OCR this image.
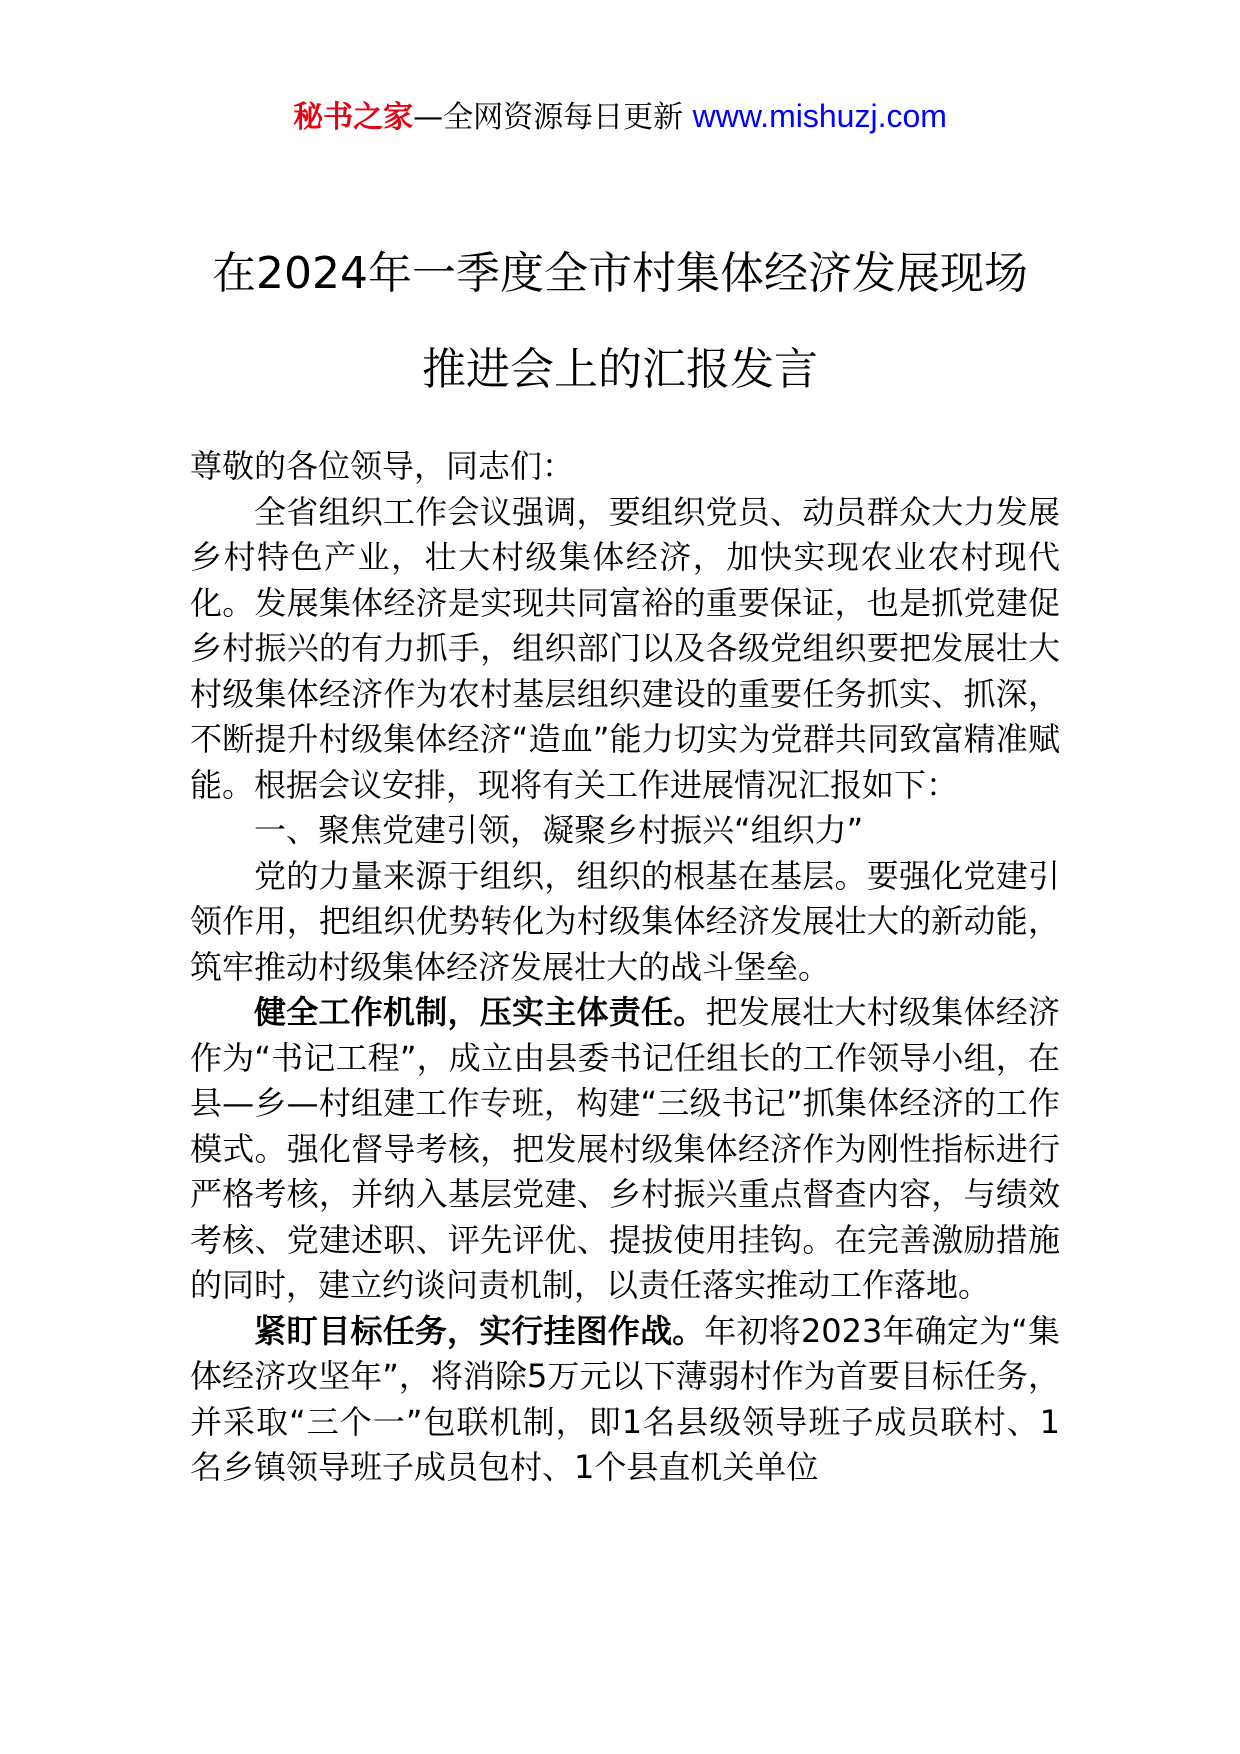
秘书之家—全网资源每日更新 www.mishuzj.com
在2024年一季度全市村集体经济发展现场
推进会上的汇报发言

尊敬的各位领导，同志们：

全省组织工作会议强调，要组织党员、动员群众大力发展乡村特色产业，壮大村级集体经济，加快实现农业农村现代化。发展集体经济是实现共同富裕的重要保证，也是抓党建促乡村振兴的有力抓手，组织部门以及各级党组织要把发展壮大村级集体经济作为农村基层组织建设的重要任务抓实、抓深，不断提升村级集体经济“造血”能力切实为党群共同致富精准赋能。根据会议安排，现将有关工作进展情况汇报如下：

一、聚焦党建引领，凝聚乡村振兴“组织力”

党的力量来源于组织，组织的根基在基层。要强化党建引领作用，把组织优势转化为村级集体经济发展壮大的新动能，筑牢推动村级集体经济发展壮大的战斗堡垒。

健全工作机制，压实主体责任。把发展壮大村级集体经济作为“书记工程”，成立由县委书记任组长的工作领导小组，在县—乡—村组建工作专班，构建“三级书记”抓集体经济的工作模式。强化督导考核，把发展村级集体经济作为刚性指标进行严格考核，并纳入基层党建、乡村振兴重点督查内容，与绩效考核、党建述职、评先评优、提拔使用挂钩。在完善激励措施的同时，建立约谈问责机制，以责任落实推动工作落地。

紧盯目标任务，实行挂图作战。年初将2023年确定为“集体经济攻坚年”，将消除5万元以下薄弱村作为首要目标任务，并采取“三个一”包联机制，即1名县级领导班子成员联村、1名乡镇领导班子成员包村、1个县直机关单位
